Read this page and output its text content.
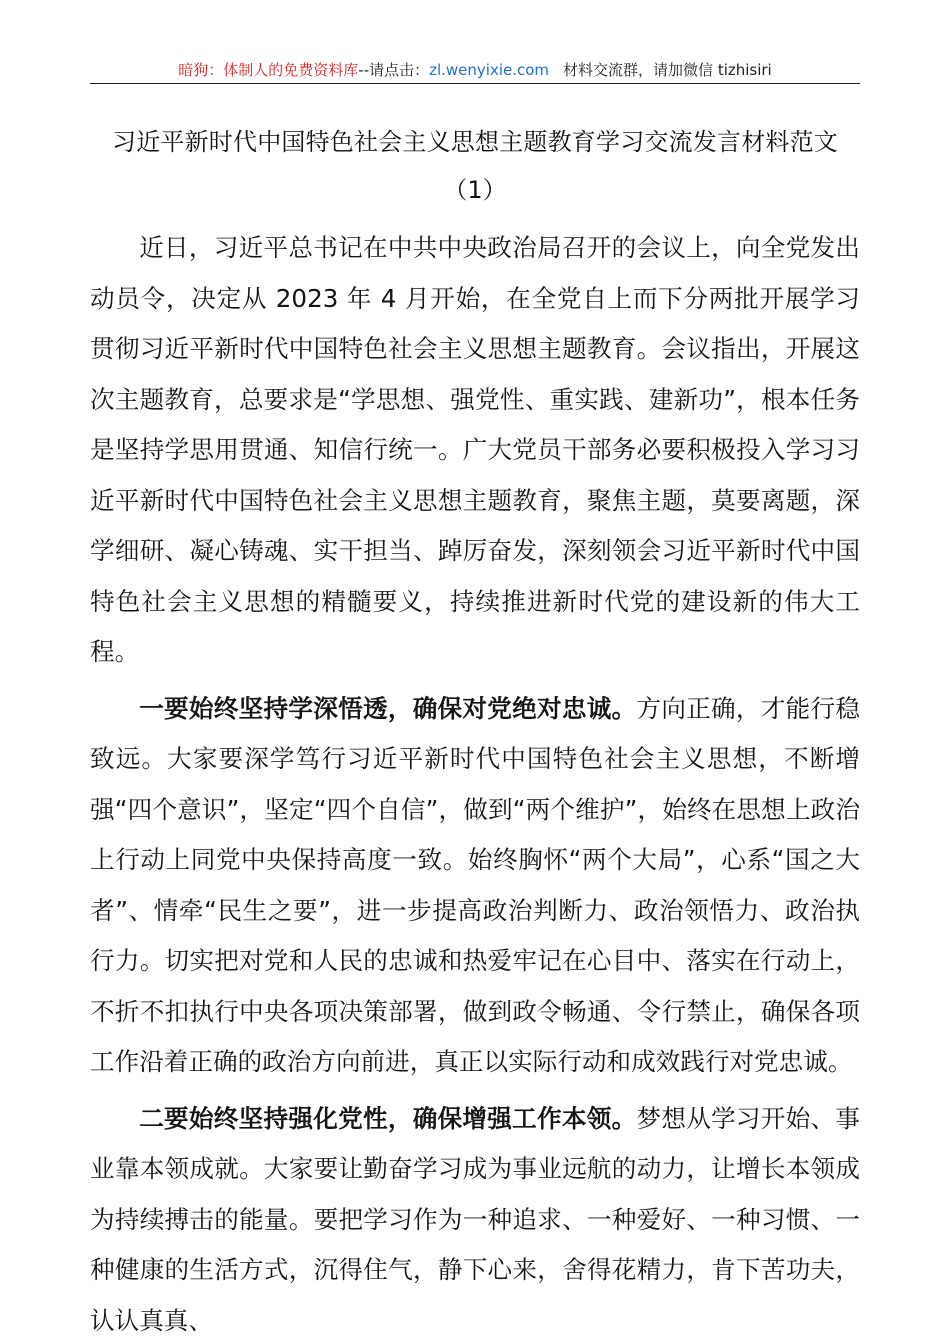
暗狗：体制人的免费资料库--请点击：zl.wenyixie.com 材料交流群，请加微信 tizhisiri
习近平新时代中国特色社会主义思想主题教育学习交流发言材料范文
（1）

近日，习近平总书记在中共中央政治局召开的会议上，向全党发出动员令，决定从 2023 年 4 月开始，在全党自上而下分两批开展学习贯彻习近平新时代中国特色社会主义思想主题教育。会议指出，开展这次主题教育，总要求是“学思想、强党性、重实践、建新功”，根本任务是坚持学思用贯通、知信行统一。广大党员干部务必要积极投入学习习近平新时代中国特色社会主义思想主题教育，聚焦主题，莫要离题，深学细研、凝心铸魂、实干担当、踔厉奋发，深刻领会习近平新时代中国特色社会主义思想的精髓要义，持续推进新时代党的建设新的伟大工程。

一要始终坚持学深悟透，确保对党绝对忠诚。方向正确，才能行稳致远。大家要深学笃行习近平新时代中国特色社会主义思想，不断增强“四个意识”，坚定“四个自信”，做到“两个维护”，始终在思想上政治上行动上同党中央保持高度一致。始终胸怀“两个大局”，心系“国之大者”、情牵“民生之要”，进一步提高政治判断力、政治领悟力、政治执行力。切实把对党和人民的忠诚和热爱牢记在心目中、落实在行动上，不折不扣执行中央各项决策部署，做到政令畅通、令行禁止，确保各项工作沿着正确的政治方向前进，真正以实际行动和成效践行对党忠诚。

二要始终坚持强化党性，确保增强工作本领。梦想从学习开始、事业靠本领成就。大家要让勤奋学习成为事业远航的动力，让增长本领成为持续搏击的能量。要把学习作为一种追求、一种爱好、一种习惯、一种健康的生活方式，沉得住气，静下心来，舍得花精力，肯下苦功夫，认认真真、
